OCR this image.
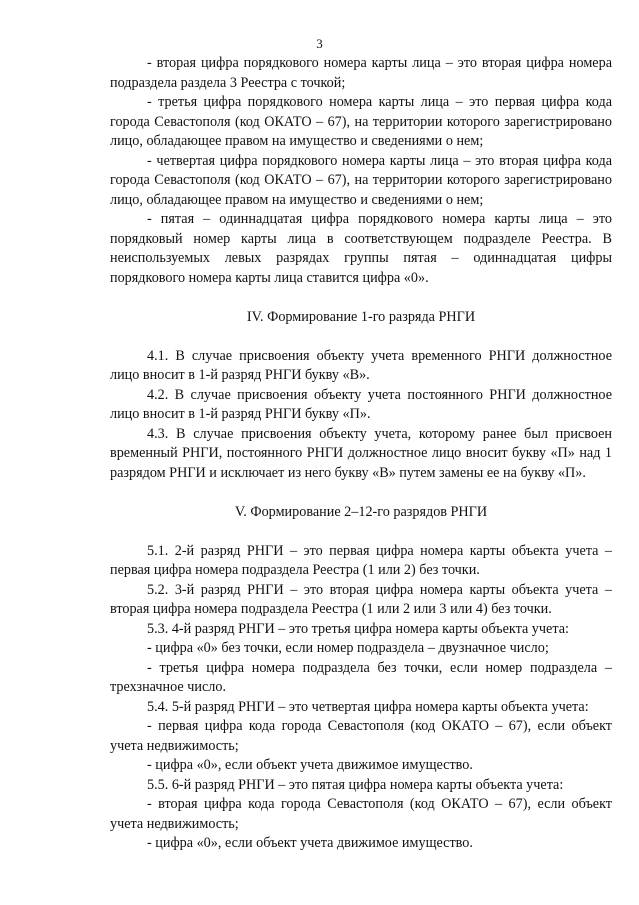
3

- вторая цифра порядкового номера карты лица – это вторая цифра номера подраздела раздела 3 Реестра с точкой;

- третья цифра порядкового номера карты лица – это первая цифра кода города Севастополя (код ОКАТО – 67), на территории которого зарегистрировано лицо, обладающее правом на имущество и сведениями о нем;

- четвертая цифра порядкового номера карты лица – это вторая цифра кода города Севастополя (код ОКАТО – 67), на территории которого зарегистрировано лицо, обладающее правом на имущество и сведениями о нем;

- пятая – одиннадцатая цифра порядкового номера карты лица – это порядковый номер карты лица в соответствующем подразделе Реестра. В неиспользуемых левых разрядах группы пятая – одиннадцатая цифры порядкового номера карты лица ставится цифра «0».

IV. Формирование 1-го разряда РНГИ

4.1. В случае присвоения объекту учета временного РНГИ должностное лицо вносит в 1-й разряд РНГИ букву «В».

4.2. В случае присвоения объекту учета постоянного РНГИ должностное лицо вносит в 1-й разряд РНГИ букву «П».

4.3. В случае присвоения объекту учета, которому ранее был присвоен временный РНГИ, постоянного РНГИ должностное лицо вносит букву «П» над 1 разрядом РНГИ и исключает из него букву «В» путем замены ее на букву «П».

V. Формирование 2–12-го разрядов РНГИ

5.1. 2-й разряд РНГИ – это первая цифра номера карты объекта учета – первая цифра номера подраздела Реестра (1 или 2) без точки.

5.2. 3-й разряд РНГИ – это вторая цифра номера карты объекта учета – вторая цифра номера подраздела Реестра (1 или 2 или 3 или 4) без точки.

5.3. 4-й разряд РНГИ – это третья цифра номера карты объекта учета:

- цифра «0» без точки, если номер подраздела – двузначное число;

- третья цифра номера подраздела без точки, если номер подраздела – трехзначное число.

5.4. 5-й разряд РНГИ – это четвертая цифра номера карты объекта учета:

- первая цифра кода города Севастополя (код ОКАТО – 67), если объект учета недвижимость;

- цифра «0», если объект учета движимое имущество.

5.5. 6-й разряд РНГИ – это пятая цифра номера карты объекта учета:

- вторая цифра кода города Севастополя (код ОКАТО – 67), если объект учета недвижимость;

- цифра «0», если объект учета движимое имущество.
